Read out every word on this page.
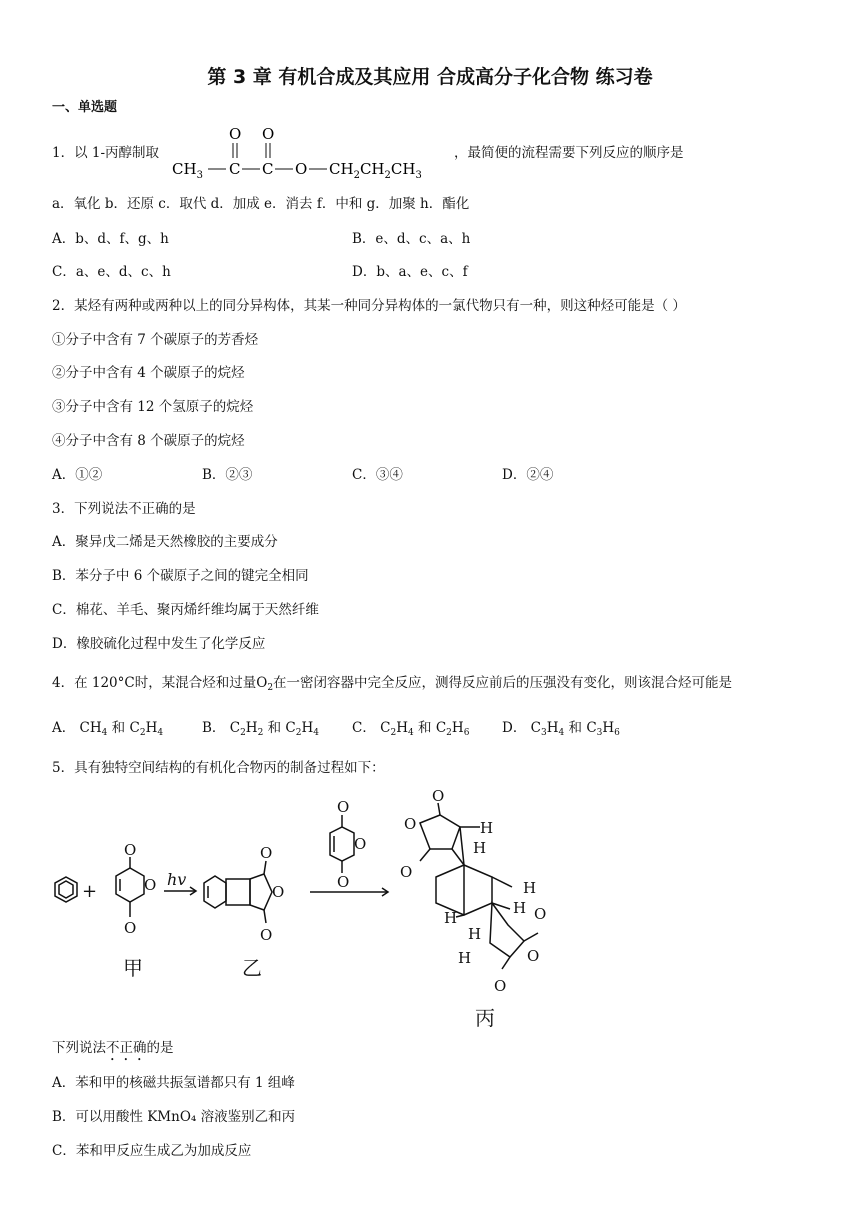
第 3 章 有机合成及其应用 合成高分子化合物 练习卷
一、单选题
1．以 1-丙醇制取
O O
$CH_3$ C C O $CH_2CH_2CH_3$
，最简便的流程需要下列反应的顺序是
a．氧化 b．还原 c．取代 d．加成 e．消去 f．中和 g．加聚 h．酯化
A．b、d、f、g、h	B．e、d、c、a、h
C．a、e、d、c、h	D．b、a、e、c、f
2．某烃有两种或两种以上的同分异构体，其某一种同分异构体的一氯代物只有一种，则这种烃可能是（ ）
①分子中含有 7 个碳原子的芳香烃
②分子中含有 4 个碳原子的烷烃
③分子中含有 12 个氢原子的烷烃
④分子中含有 8 个碳原子的烷烃
A．①②	B．②③	C．③④	D．②④
3．下列说法不正确的是
A．聚异戊二烯是天然橡胶的主要成分
B．苯分子中 6 个碳原子之间的键完全相同
C．棉花、羊毛、聚丙烯纤维均属于天然纤维
D．橡胶硫化过程中发生了化学反应
4．在 120°C时，某混合烃和过量$O_2$在一密闭容器中完全反应，测得反应前后的压强没有变化，则该混合烃可能是
A． $CH_4$ 和 $C_2H_4$	B． $C_2H_2$ 和 $C_2H_4$ C． $C_2H_4$ 和 $C_2H_6$ D． $C_3H_4$ 和 $C_3H_6$
5．具有独特空间结构的有机化合物丙的制备过程如下：
+
O
O
O
甲
hv
O
O
O
乙
O
O
O
O
O
O
H
H
H
H
H
H
H
O
O
O
丙
下列说法不正确的是
A．苯和甲的核磁共振氢谱都只有 1 组峰
B．可以用酸性 KMnO₄ 溶液鉴别乙和丙
C．苯和甲反应生成乙为加成反应
